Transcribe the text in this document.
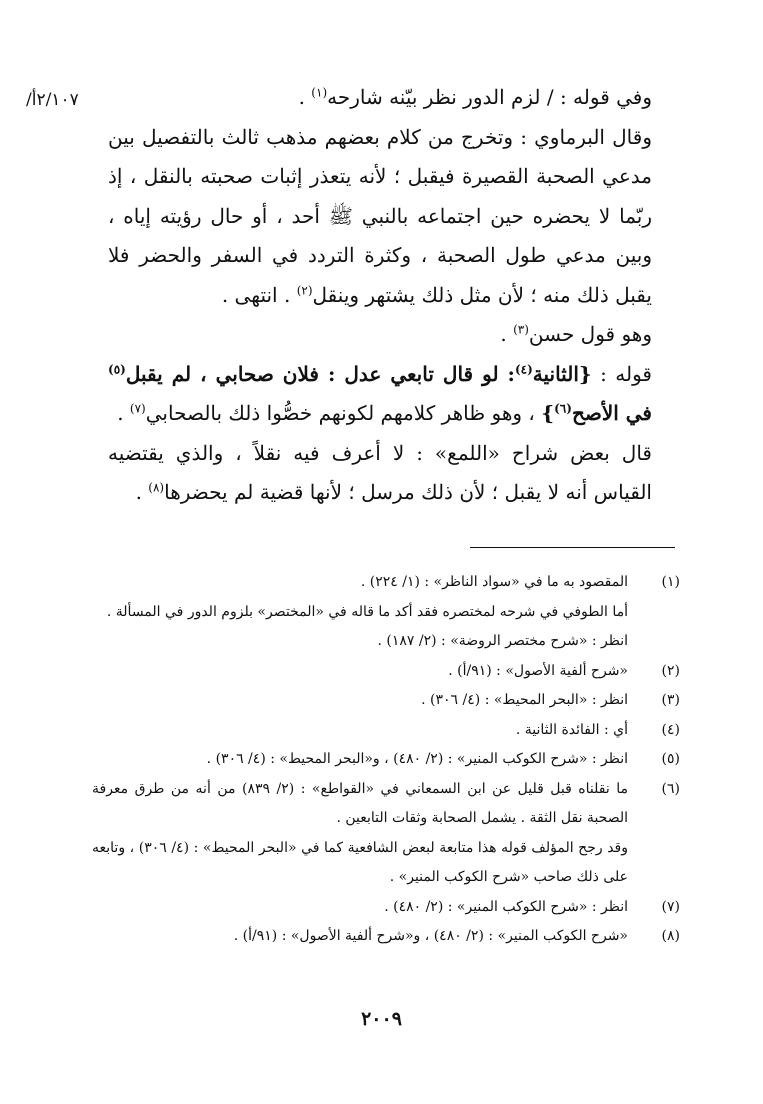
٢/١٠٧أ/	وفي قوله : / لزم الدور نظر بيّنه شارحه$^{(١)}$ .

وقال البرماوي : وتخرج من كلام بعضهم مذهب ثالث بالتفصيل بين مدعي الصحبة القصيرة فيقبل ؛ لأنه يتعذر إثبات صحبته بالنقل ، إذ ربّما لا يحضره حين اجتماعه بالنبي ﷺ أحد ، أو حال رؤيته إياه ، وبين مدعي طول الصحبة ، وكثرة التردد في السفر والحضر فلا يقبل ذلك منه ؛ لأن مثل ذلك يشتهر وينقل$^{(٢)}$ . انتهى .

وهو قول حسن$^{(٣)}$ .

قوله : {الثانية$^{(٤)}$: لو قال تابعي عدل : فلان صحابي ، لم يقبل$^{(٥)}$ في الأصح$^{(٦)}$} ، وهو ظاهر كلامهم لكونهم خصُّوا ذلك بالصحابي$^{(٧)}$ .

قال بعض شراح «اللمع» : لا أعرف فيه نقلاً ، والذي يقتضيه القياس أنه لا يقبل ؛ لأن ذلك مرسل ؛ لأنها قضية لم يحضرها$^{(٨)}$ .

(١)
المقصود به ما في «سواد الناظر» : (١/ ٢٢٤) .
أما الطوفي في شرحه لمختصره فقد أكد ما قاله في «المختصر» بلزوم الدور في المسألة .
انظر : «شرح مختصر الروضة» : (٢/ ١٨٧) .
(٢)
«شرح ألفية الأصول» : (٩١/أ) .
(٣)
انظر : «البحر المحيط» : (٤/ ٣٠٦) .
(٤)
أي : الفائدة الثانية .
(٥)
انظر : «شرح الكوكب المنير» : (٢/ ٤٨٠) ، و«البحر المحيط» : (٤/ ٣٠٦) .
(٦)
ما نقلناه قبل قليل عن ابن السمعاني في «القواطع» : (٢/ ٨٣٩) من أنه من طرق معرفة الصحبة نقل الثقة . يشمل الصحابة وثقات التابعين .
وقد رجح المؤلف قوله هذا متابعة لبعض الشافعية كما في «البحر المحيط» : (٤/ ٣٠٦) ، وتابعه على ذلك صاحب «شرح الكوكب المنير» .
(٧)
انظر : «شرح الكوكب المنير» : (٢/ ٤٨٠) .
(٨)
«شرح الكوكب المنير» : (٢/ ٤٨٠) ، و«شرح ألفية الأصول» : (٩١/أ) .
٢٠٠٩
